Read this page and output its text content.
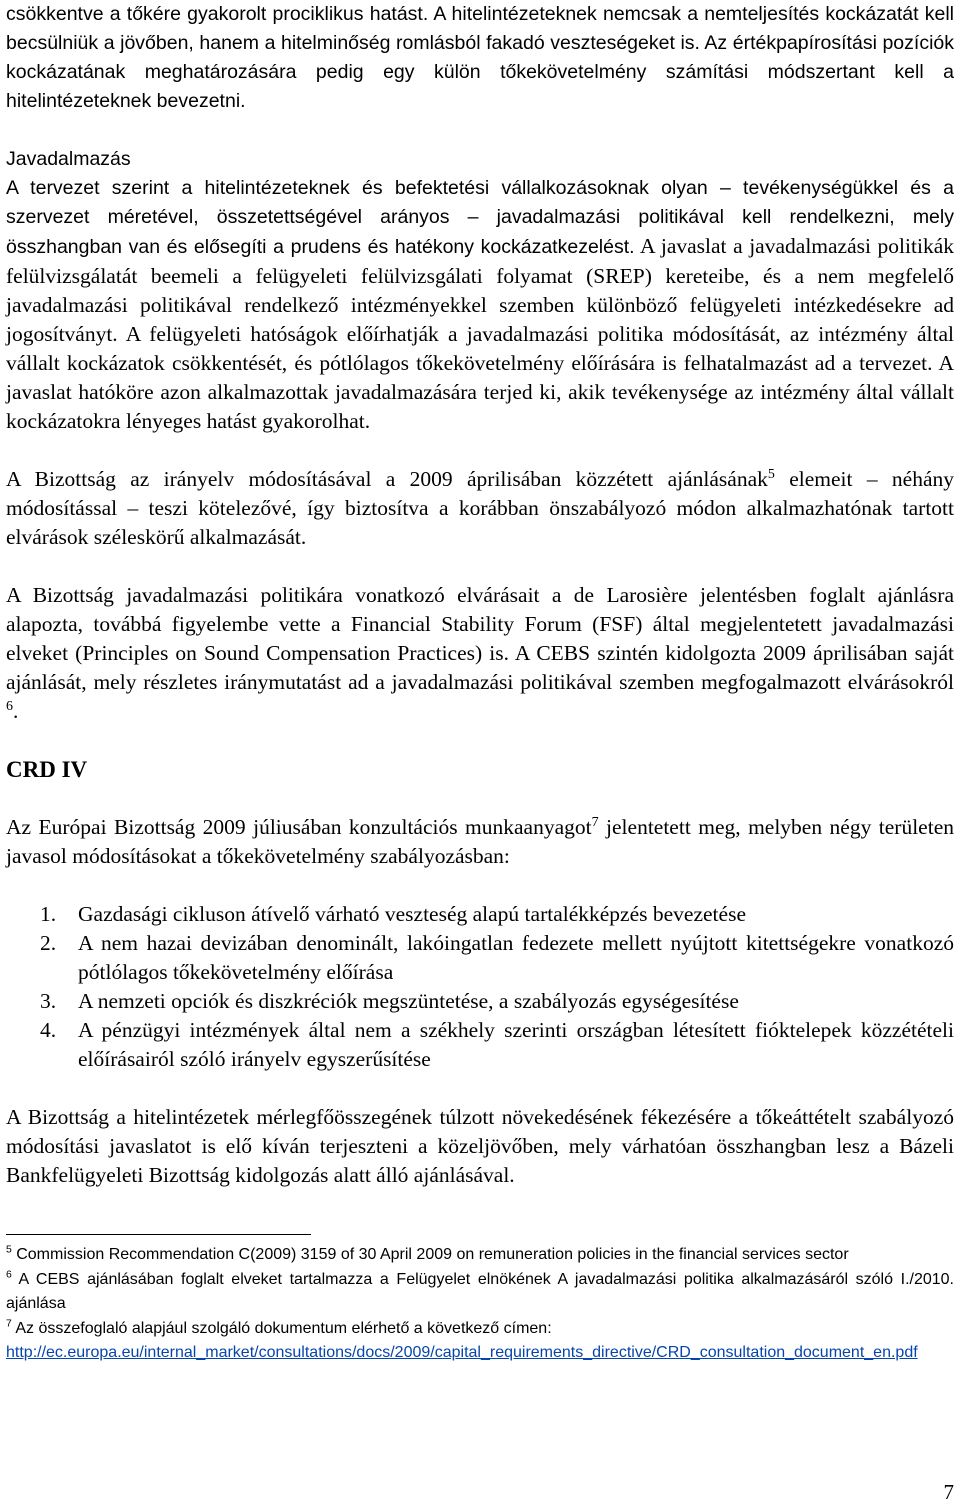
csökkentve a tőkére gyakorolt prociklikus hatást. A hitelintézeteknek nemcsak a nemteljesítés kockázatát kell becsülniük a jövőben, hanem a hitelminőség romlásból fakadó veszteségeket is. Az értékpapírosítási pozíciók kockázatának meghatározására pedig egy külön tőkekövetelmény számítási módszertant kell a hitelintézeteknek bevezetni.

Javadalmazás

A tervezet szerint a hitelintézeteknek és befektetési vállalkozásoknak olyan – tevékenységükkel és a szervezet méretével, összetettségével arányos – javadalmazási politikával kell rendelkezni, mely összhangban van és elősegíti a prudens és hatékony kockázatkezelést. A javaslat a javadalmazási politikák felülvizsgálatát beemeli a felügyeleti felülvizsgálati folyamat (SREP) kereteibe, és a nem megfelelő javadalmazási politikával rendelkező intézményekkel szemben különböző felügyeleti intézkedésekre ad jogosítványt. A felügyeleti hatóságok előírhatják a javadalmazási politika módosítását, az intézmény által vállalt kockázatok csökkentését, és pótlólagos tőkekövetelmény előírására is felhatalmazást ad a tervezet. A javaslat hatóköre azon alkalmazottak javadalmazására terjed ki, akik tevékenysége az intézmény által vállalt kockázatokra lényeges hatást gyakorolhat.

A Bizottság az irányelv módosításával a 2009 áprilisában közzétett ajánlásának$^5$ elemeit – néhány módosítással – teszi kötelezővé, így biztosítva a korábban önszabályozó módon alkalmazhatónak tartott elvárások széleskörű alkalmazását.

A Bizottság javadalmazási politikára vonatkozó elvárásait a de Larosière jelentésben foglalt ajánlásra alapozta, továbbá figyelembe vette a Financial Stability Forum (FSF) által megjelentetett javadalmazási elveket (Principles on Sound Compensation Practices) is. A CEBS szintén kidolgozta 2009 áprilisában saját ajánlását, mely részletes iránymutatást ad a javadalmazási politikával szemben megfogalmazott elvárásokról $^6$.

CRD IV

Az Európai Bizottság 2009 júliusában konzultációs munkaanyagot$^7$ jelentetett meg, melyben négy területen javasol módosításokat a tőkekövetelmény szabályozásban:

1. Gazdasági cikluson átívelő várható veszteség alapú tartalékképzés bevezetése
2. A nem hazai devizában denominált, lakóingatlan fedezete mellett nyújtott kitettségekre vonatkozó pótlólagos tőkekövetelmény előírása
3. A nemzeti opciók és diszkréciók megszüntetése, a szabályozás egységesítése
4. A pénzügyi intézmények által nem a székhely szerinti országban létesített fióktelepek közzétételi előírásairól szóló irányelv egyszerűsítése

A Bizottság a hitelintézetek mérlegfőösszegének túlzott növekedésének fékezésére a tőkeáttételt szabályozó módosítási javaslatot is elő kíván terjeszteni a közeljövőben, mely várhatóan összhangban lesz a Bázeli Bankfelügyeleti Bizottság kidolgozás alatt álló ajánlásával.

$^5$ Commission Recommendation C(2009) 3159 of 30 April 2009 on remuneration policies in the financial services sector

$^6$ A CEBS ajánlásában foglalt elveket tartalmazza a Felügyelet elnökének A javadalmazási politika alkalmazásáról szóló I./2010. ajánlása

$^7$ Az összefoglaló alapjául szolgáló dokumentum elérhető a következő címen:
http://ec.europa.eu/internal_market/consultations/docs/2009/capital_requirements_directive/CRD_consultation_document_en.pdf

7
